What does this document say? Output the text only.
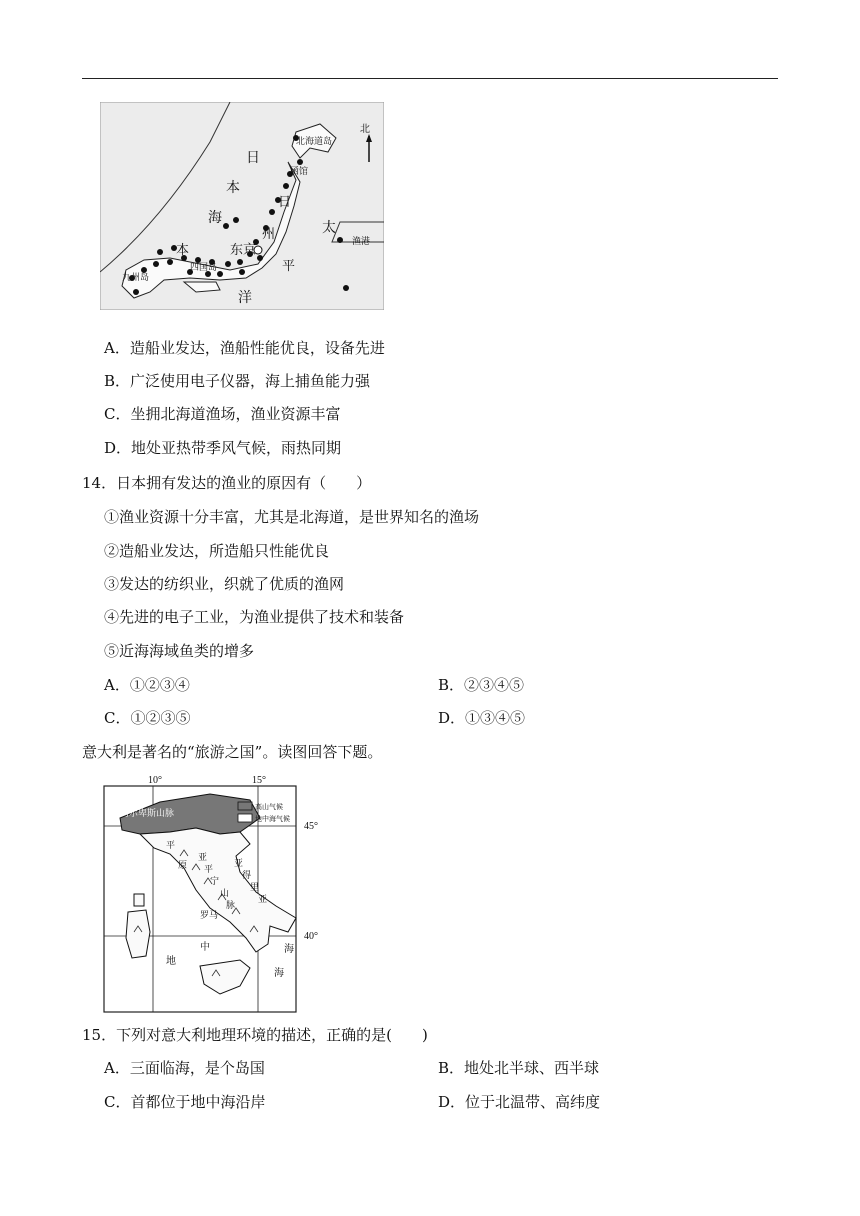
日
本
海
日
本
州
东京
四国岛
九州岛
北海道岛
函馆
太
平
洋
渔港
北
A．造船业发达，渔船性能优良，设备先进
B．广泛使用电子仪器，海上捕鱼能力强
C．坐拥北海道渔场，渔业资源丰富
D．地处亚热带季风气候，雨热同期
14．日本拥有发达的渔业的原因有（　　）
①渔业资源十分丰富，尤其是北海道，是世界知名的渔场
②造船业发达，所造船只性能优良
③发达的纺织业，织就了优质的渔网
④先进的电子工业，为渔业提供了技术和装备
⑤近海海域鱼类的增多
A．①②③④	B．②③④⑤
C．①②③⑤	D．①③④⑤
意大利是著名的“旅游之国”。读图回答下题。
10°	15°
45°
40°
高山气候
地中海气候
阿尔卑斯山脉
平
原
亚
平
宁
山
脉
罗马
亚
得
里
亚
海
地
中	海
15．下列对意大利地理环境的描述，正确的是(　　)
A．三面临海，是个岛国	B．地处北半球、西半球
C．首都位于地中海沿岸	D．位于北温带、高纬度
